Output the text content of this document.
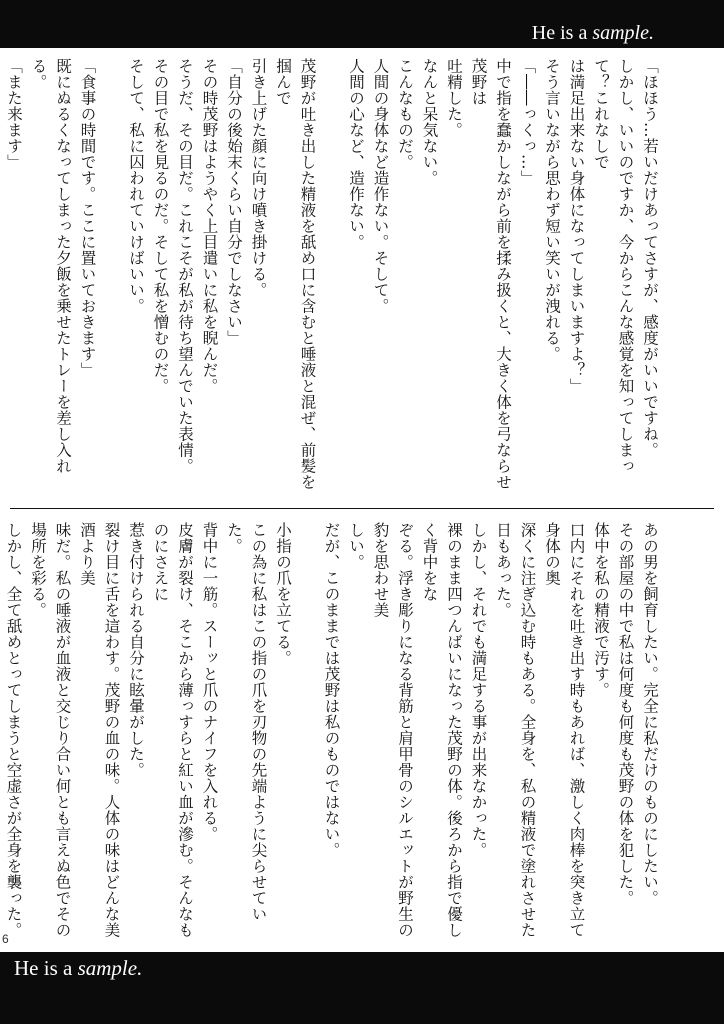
He is a sample.

「ほほう…若いだけあってさすが、感度がいいですね。

しかし、いいのですか、今からこんな感覚を知ってしまって？これなしで

は満足出来ない身体になってしまいますよ？」

そう言いながら思わず短い笑いが洩れる。

「――っくっ…」

中で指を蠢かしながら前を揉み扱くと、大きく体を弓ならせ茂野は

吐精した。

なんと呆気ない。

こんなものだ。

人間の身体など造作ない。そして。

人間の心など、造作ない。

茂野が吐き出した精液を舐め口に含むと唾液と混ぜ、前髪を掴んで

引き上げた顔に向け噴き掛ける。

「自分の後始末くらい自分でしなさい」

その時茂野はようやく上目遣いに私を睨んだ。

そうだ、その目だ。これこそが私が待ち望んでいた表情。

その目で私を見るのだ。そして私を憎むのだ。

そして、私に囚われていけばいい。

「食事の時間です。ここに置いておきます」

既にぬるくなってしまった夕飯を乗せたトレーを差し入れる。

「また来ます」

あの男を飼育したい。完全に私だけのものにしたい。

その部屋の中で私は何度も何度も茂野の体を犯した。

体中を私の精液で汚す。

口内にそれを吐き出す時もあれば、激しく肉棒を突き立て身体の奥

深くに注ぎ込む時もある。全身を、私の精液で塗れさせた日もあった。

しかし、それでも満足する事が出来なかった。

裸のまま四つんばいになった茂野の体。後ろから指で優しく背中をな

ぞる。浮き彫りになる背筋と肩甲骨のシルエットが野生の豹を思わせ美

しい。

だが、このままでは茂野は私のものではない。

小指の爪を立てる。

この為に私はこの指の爪を刃物の先端ように尖らせていた。

背中に一筋。スーッと爪のナイフを入れる。

皮膚が裂け、そこから薄っすらと紅い血が滲む。そんなものにさえに

惹き付けられる自分に眩暈がした。

裂け目に舌を這わす。茂野の血の味。人体の味はどんな美酒より美

味だ。私の唾液が血液と交じり合い何とも言えぬ色でその場所を彩る。

しかし、全て舐めとってしまうと空虚さが全身を襲った。

6
He is a sample.
